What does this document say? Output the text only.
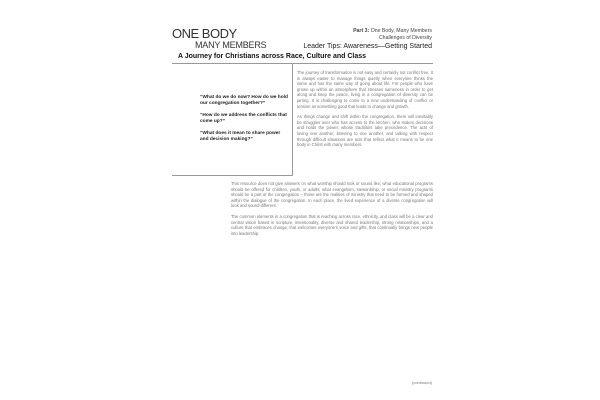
ONE BODY
MANY MEMBERS
Part 3: One Body, Many Members
Challenges of Diversity
Leader Tips: Awareness—Getting Started
A Journey for Christians across Race, Culture and Class

“What do we do now? How do we hold our congregation together?”

“How do we address the conflicts that come up?”

“What does it mean to share power and decision making?”

The journey of transformation is not easy and certainly not conflict free. It is always easier to manage things quietly when everyone thinks the same and has the same way of going about life. For people who have grown up within an atmosphere that stresses sameness in order to get along and keep the peace, living in a congregation of diversity can be jarring. It is challenging to come to a new understanding of conflict or tension as something good that leads to change and growth.

As things change and shift within the congregation, there will inevitably be struggles over who has access to the kitchen, who makes decisions and holds the power, whose traditions take precedence. The acts of loving one another, listening to one another, and talking with respect through difficult situations are acts that reflect what it means to be one body in Christ with many members.

This resource does not give answers on what worship should look or sound like; what educational programs should be offered for children, youth, or adults; what evangelism, stewardship, or social ministry programs should be a part of the congregation – those are the realities of ministry that need to be formed and shaped within the dialogue of the congregation. In each place, the lived experience of a diverse congregation will look and sound different.

The common elements in a congregation that is reaching across race, ethnicity, and class will be a clear and central vision based in scripture, intentionality, diverse and shared leadership, strong relationships, and a culture that embraces change, that welcomes everyone's voice and gifts, that continually brings new people into leadership.

(continued)
